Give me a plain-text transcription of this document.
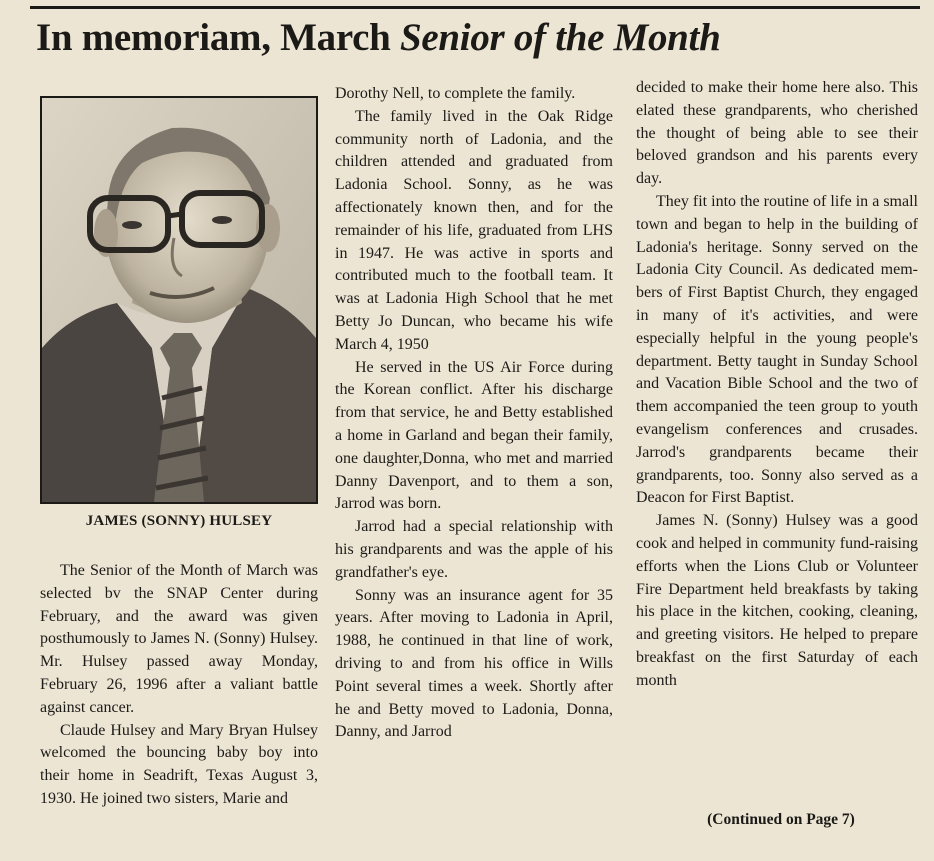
In memoriam, March Senior of the Month
JAMES (SONNY) HULSEY

The Senior of the Month of March was selected bv the SNAP Center during February, and the award was given posthumously to James N. (Sonny) Hulsey. Mr. Hulsey passed away Monday, February 26, 1996 after a valiant battle against cancer.

Claude Hulsey and Mary Bryan Hulsey welcomed the bouncing baby boy into their home in Seadrift, Texas August 3, 1930. He joined two sisters, Marie and

Dorothy Nell, to complete the family.

The family lived in the Oak Ridge community north of Ladonia, and the children attended and graduated from Ladonia School. Sonny, as he was affectionately known then, and for the remainder of his life, graduated from LHS in 1947. He was active in sports and contributed much to the football team. It was at Ladonia High School that he met Betty Jo Duncan, who became his wife March 4, 1950

He served in the US Air Force during the Korean conflict. After his discharge from that service, he and Betty established a home in Garland and began their family, one daughter,Donna, who met and married Danny Davenport, and to them a son, Jarrod was born.

Jarrod had a special relationship with his grandparents and was the apple of his grandfather's eye.

Sonny was an insurance agent for 35 years. After moving to Ladonia in April, 1988, he continued in that line of work, driving to and from his office in Wills Point several times a week. Shortly after he and Betty moved to Ladonia, Donna, Danny, and Jarrod

decided to make their home here also. This elated these grandparents, who cherished the thought of being able to see their beloved grandson and his parents every day.

They fit into the routine of life in a small town and began to help in the building of Ladonia's heritage. Sonny served on the Ladonia City Council. As dedicated members of First Baptist Church, they engaged in many of it's activities, and were especially helpful in the young people's department. Betty taught in Sunday School and Vacation Bible School and the two of them accompanied the teen group to youth evangelism conferences and crusades. Jarrod's grandparents became their grandparents, too. Sonny also served as a Deacon for First Baptist.

James N. (Sonny) Hulsey was a good cook and helped in community fund-raising efforts when the Lions Club or Volunteer Fire Department held breakfasts by taking his place in the kitchen, cooking, cleaning, and greeting visitors. He helped to prepare breakfast on the first Saturday of each month

(Continued on Page 7)
